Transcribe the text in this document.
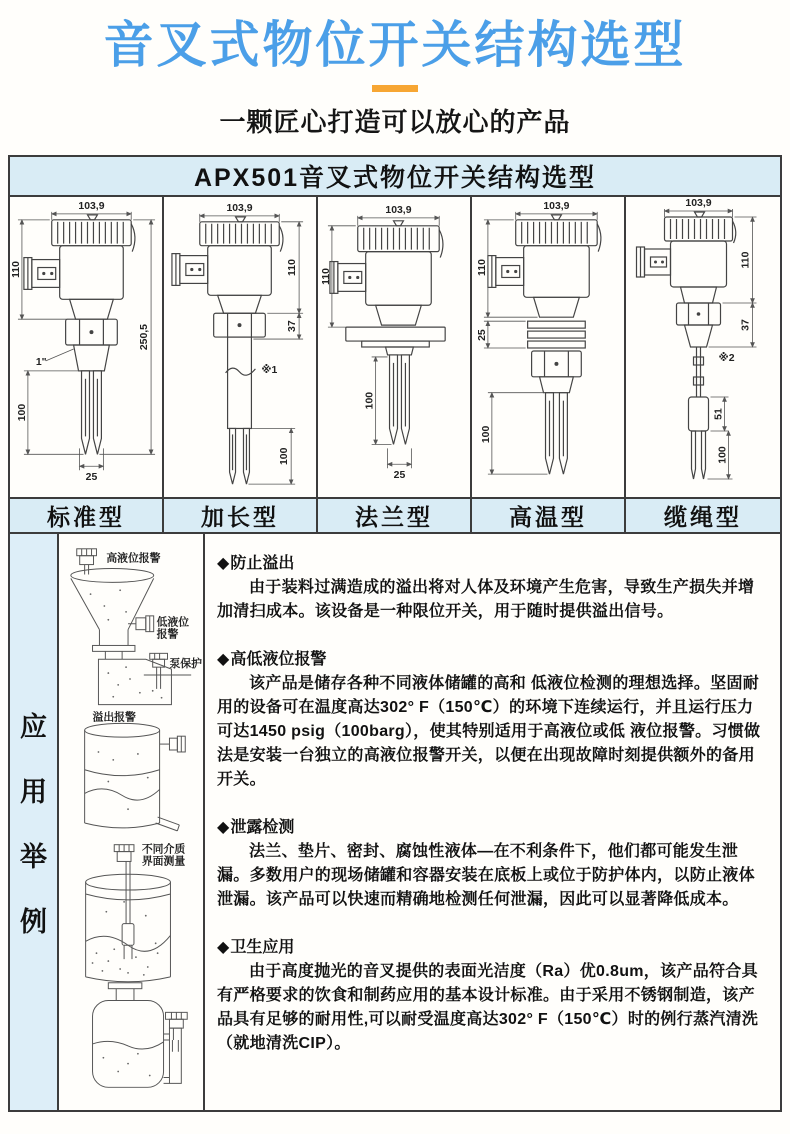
音叉式物位开关结构选型
一颗匠心打造可以放心的产品
APX501音叉式物位开关结构选型
103,9
110
250,5
1"
100
25
103,9
110
37
※1
100
103,9
110
100
25
103,9
110
25
100
103,9
110
37
※2
51
100
标准型	加长型	法兰型	高温型	缆绳型
应
用
举
例
高液位报警
低液位
报警
泵保护
溢出报警
不同介质
界面测量
◆防止溢出

由于装料过满造成的溢出将对人体及环境产生危害，导致生产损失并增加清扫成本。该设备是一种限位开关，用于随时提供溢出信号。

◆高低液位报警

该产品是储存各种不同液体储罐的高和 低液位检测的理想选择。坚固耐用的设备可在温度高达302° F（150℃）的环境下连续运行，并且运行压力可达1450 psig（100barg），使其特别适用于高液位或低 液位报警。习惯做法是安装一台独立的高液位报警开关，以便在出现故障时刻提供额外的备用开关。

◆泄露检测

法兰、垫片、密封、腐蚀性液体—在不利条件下，他们都可能发生泄漏。多数用户的现场储罐和容器安装在底板上或位于防护体内，以防止液体泄漏。该产品可以快速而精确地检测任何泄漏，因此可以显著降低成本。

◆卫生应用

由于高度抛光的音叉提供的表面光洁度（Ra）优0.8um，该产品符合具有严格要求的饮食和制药应用的基本设计标准。由于采用不锈钢制造，该产品具有足够的耐用性,可以耐受温度高达302° F（150℃）时的例行蒸汽清洗（就地清洗CIP）。
